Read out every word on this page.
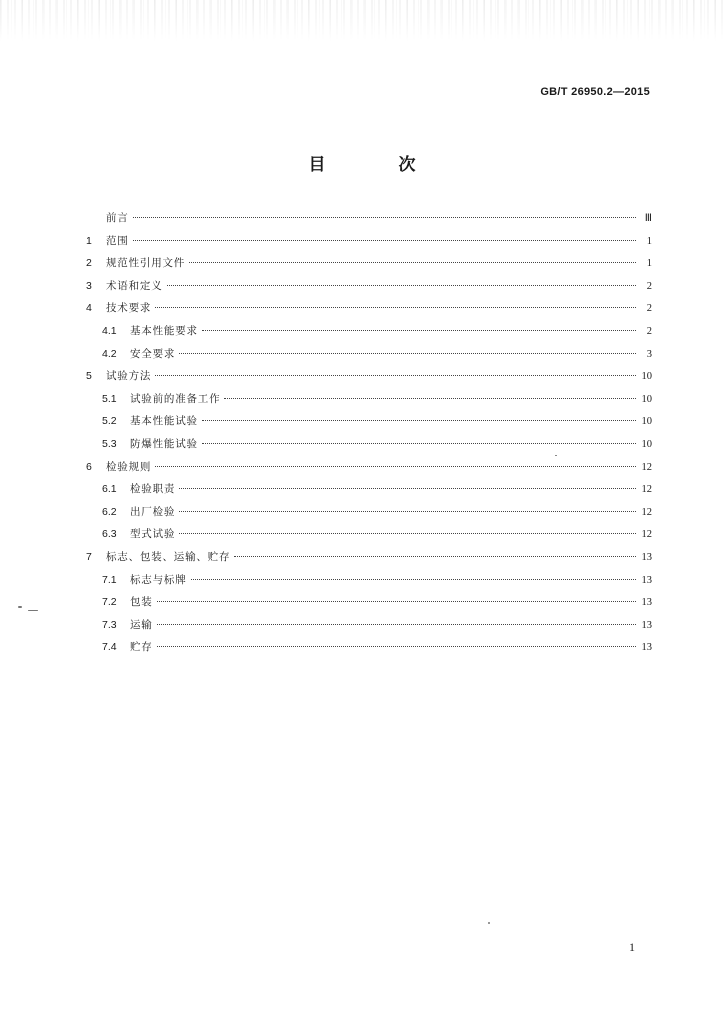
GB/T 26950.2—2015
目　次
前言	Ⅲ
1	范围	1
2	规范性引用文件	1
3	术语和定义	2
4	技术要求	2
4.1	基本性能要求	2
4.2	安全要求	3
5	试验方法	10
5.1	试验前的准备工作	10
5.2	基本性能试验	10
5.3	防爆性能试验	10
6	检验规则	12
6.1	检验职责	12
6.2	出厂检验	12
6.3	型式试验	12
7	标志、包装、运输、贮存	13
7.1	标志与标牌	13
7.2	包装	13
7.3	运输	13
7.4	贮存	13
1
